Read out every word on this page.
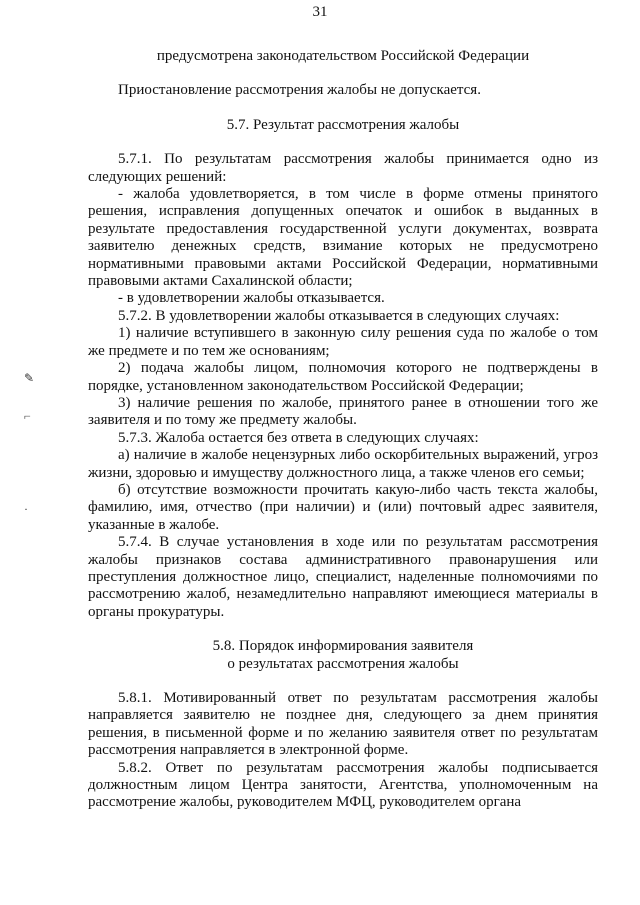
31
✎
⌐
·

предусмотрена законодательством Российской Федерации

Приостановление рассмотрения жалобы не допускается.

5.7. Результат рассмотрения жалобы

5.7.1. По результатам рассмотрения жалобы принимается одно из следующих решений:

- жалоба удовлетворяется, в том числе в форме отмены принятого решения, исправления допущенных опечаток и ошибок в выданных в результате предоставления государственной услуги документах, возврата заявителю денежных средств, взимание которых не предусмотрено нормативными правовыми актами Российской Федерации, нормативными правовыми актами Сахалинской области;

- в удовлетворении жалобы отказывается.

5.7.2. В удовлетворении жалобы отказывается в следующих случаях:

1) наличие вступившего в законную силу решения суда по жалобе о том же предмете и по тем же основаниям;

2) подача жалобы лицом, полномочия которого не подтверждены в порядке, установленном законодательством Российской Федерации;

3) наличие решения по жалобе, принятого ранее в отношении того же заявителя и по тому же предмету жалобы.

5.7.3. Жалоба остается без ответа в следующих случаях:

а) наличие в жалобе нецензурных либо оскорбительных выражений, угроз жизни, здоровью и имуществу должностного лица, а также членов его семьи;

б) отсутствие возможности прочитать какую-либо часть текста жалобы, фамилию, имя, отчество (при наличии) и (или) почтовый адрес заявителя, указанные в жалобе.

5.7.4. В случае установления в ходе или по результатам рассмотрения жалобы признаков состава административного правонарушения или преступления должностное лицо, специалист, наделенные полномочиями по рассмотрению жалоб, незамедлительно направляют имеющиеся материалы в органы прокуратуры.

5.8. Порядок информирования заявителя

о результатах рассмотрения жалобы

5.8.1. Мотивированный ответ по результатам рассмотрения жалобы направляется заявителю не позднее дня, следующего за днем принятия решения, в письменной форме и по желанию заявителя ответ по результатам рассмотрения направляется в электронной форме.

5.8.2. Ответ по результатам рассмотрения жалобы подписывается должностным лицом Центра занятости, Агентства, уполномоченным на рассмотрение жалобы, руководителем МФЦ, руководителем органа
